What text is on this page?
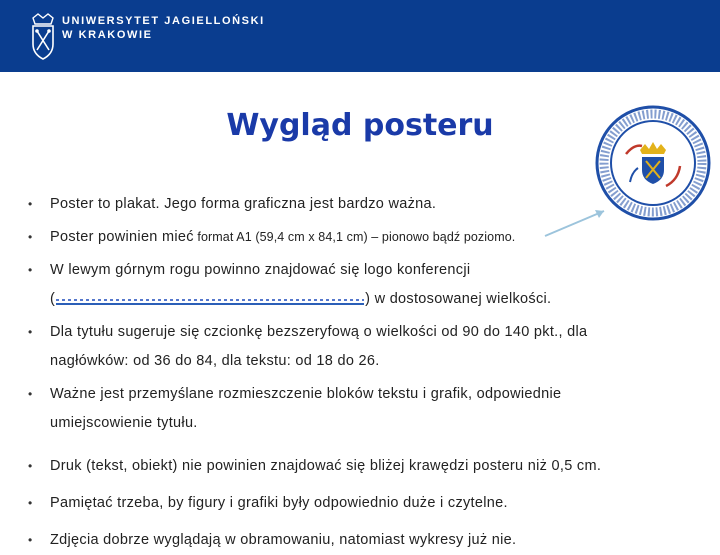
UNIWERSYTET JAGIELLOŃSKI
W KRAKOWIE
Wygląd posteru
• Poster to plakat. Jego forma graficzna jest bardzo ważna.
• Poster powinien mieć format A1 (59,4 cm x 84,1 cm) – pionowo bądź poziomo.
• W lewym górnym rogu powinno znajdować się logo konferencji
(	) w dostosowanej wielkości.
• Dla tytułu sugeruje się czcionkę bezszeryfową o wielkości od 90 do 140 pkt., dla
nagłówków: od 36 do 84, dla tekstu: od 18 do 26.
• Ważne jest przemyślane rozmieszczenie bloków tekstu i grafik, odpowiednie
umiejscowienie tytułu.
• Druk (tekst, obiekt) nie powinien znajdować się bliżej krawędzi posteru niż 0,5 cm.
• Pamiętać trzeba, by figury i grafiki były odpowiednio duże i czytelne.
• Zdjęcia dobrze wyglądają w obramowaniu, natomiast wykresy już nie.
